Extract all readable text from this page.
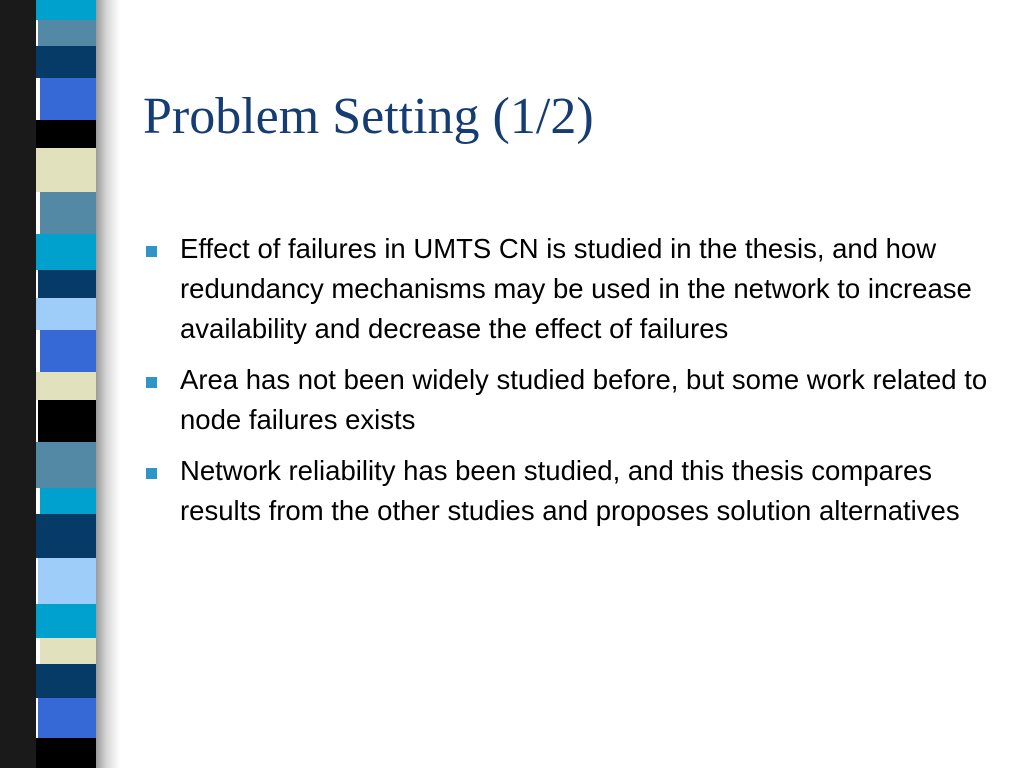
Problem Setting (1/2)
Effect of failures in UMTS CN is studied in the thesis, and how redundancy mechanisms may be used in the network to increase availability and decrease the effect of failures
Area has not been widely studied before, but some work related to node failures exists
Network reliability has been studied, and this thesis compares results from the other studies and proposes solution alternatives
